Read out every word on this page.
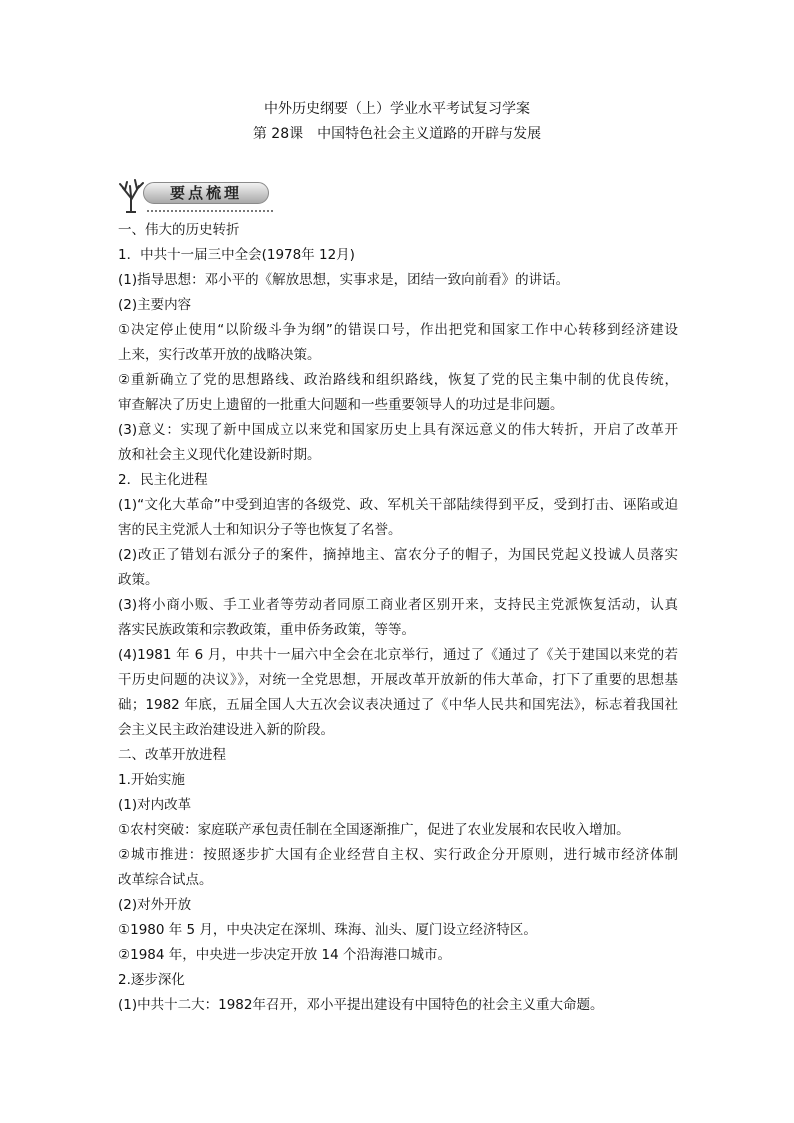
中外历史纲要（上）学业水平考试复习学案
第 28课　中国特色社会主义道路的开辟与发展
要点梳理
一、伟大的历史转折
1．中共十一届三中全会(1978年 12月)
(1)指导思想：邓小平的《解放思想，实事求是，团结一致向前看》的讲话。
(2)主要内容
①决定停止使用“以阶级斗争为纲”的错误口号，作出把党和国家工作中心转移到经济建设
上来，实行改革开放的战略决策。
②重新确立了党的思想路线、政治路线和组织路线，恢复了党的民主集中制的优良传统，
审查解决了历史上遗留的一批重大问题和一些重要领导人的功过是非问题。
(3)意义：实现了新中国成立以来党和国家历史上具有深远意义的伟大转折，开启了改革开
放和社会主义现代化建设新时期。
2．民主化进程
(1)“文化大革命”中受到迫害的各级党、政、军机关干部陆续得到平反，受到打击、诬陷或迫
害的民主党派人士和知识分子等也恢复了名誉。
(2)改正了错划右派分子的案件，摘掉地主、富农分子的帽子，为国民党起义投诚人员落实
政策。
(3)将小商小贩、手工业者等劳动者同原工商业者区别开来，支持民主党派恢复活动，认真
落实民族政策和宗教政策，重申侨务政策，等等。
(4)1981 年 6 月，中共十一届六中全会在北京举行，通过了《通过了《关于建国以来党的若
干历史问题的决议》》，对统一全党思想，开展改革开放新的伟大革命，打下了重要的思想基
础；1982 年底，五届全国人大五次会议表决通过了《中华人民共和国宪法》，标志着我国社
会主义民主政治建设进入新的阶段。
二、改革开放进程
1.开始实施
(1)对内改革
①农村突破：家庭联产承包责任制在全国逐渐推广，促进了农业发展和农民收入增加。
②城市推进：按照逐步扩大国有企业经营自主权、实行政企分开原则，进行城市经济体制
改革综合试点。
(2)对外开放
①1980 年 5 月，中央决定在深圳、珠海、汕头、厦门设立经济特区。
②1984 年，中央进一步决定开放 14 个沿海港口城市。
2.逐步深化
(1)中共十二大：1982年召开，邓小平提出建设有中国特色的社会主义重大命题。
